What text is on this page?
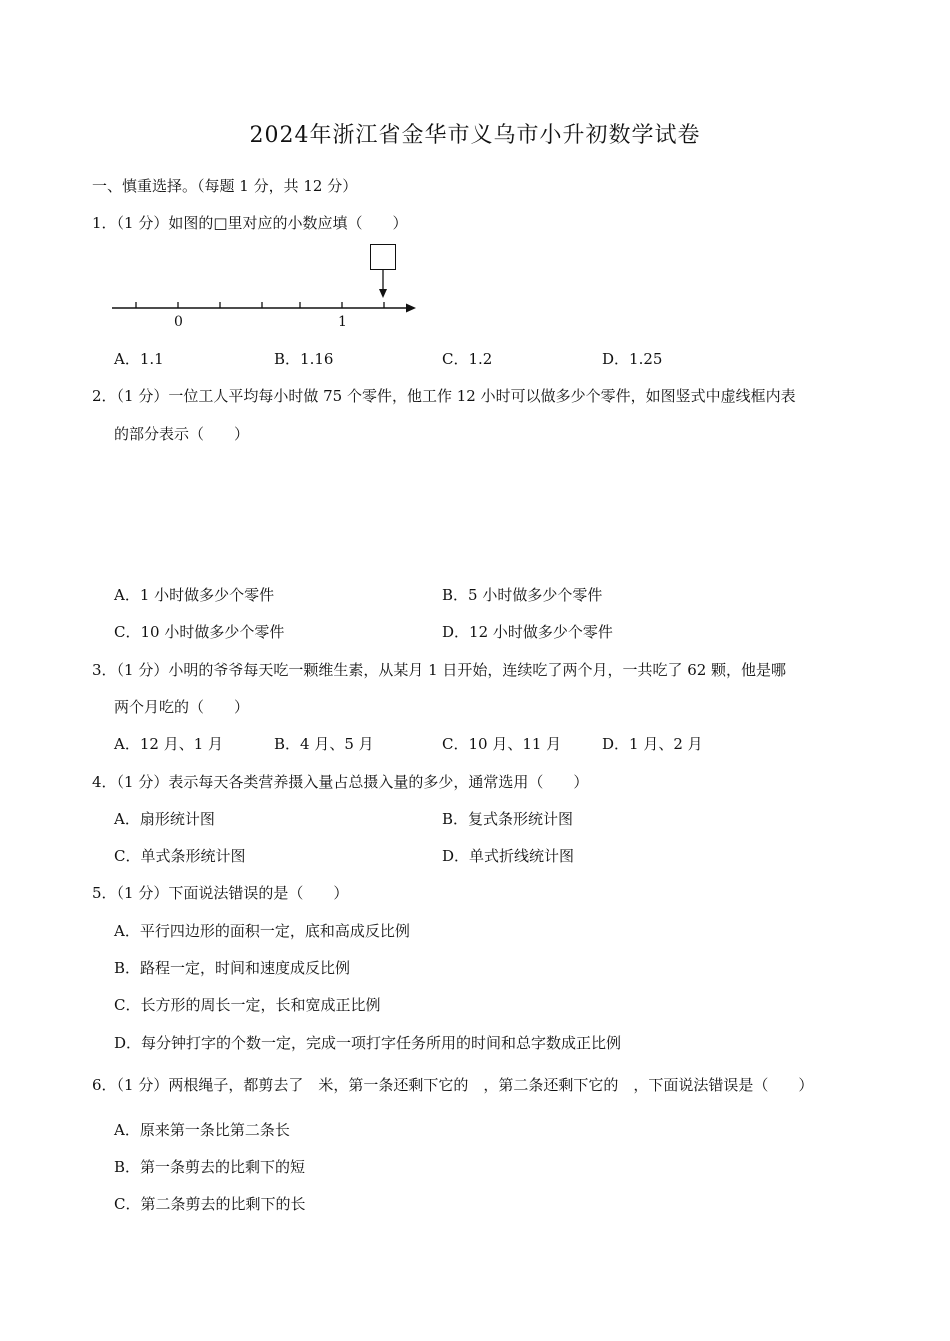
2024年浙江省金华市义乌市小升初数学试卷
一、慎重选择。（每题 1 分，共 12 分）
1．（1 分）如图的□里对应的小数应填（　　）
0	1
A．1.1	B．1.16	C．1.2	D．1.25
2．（1 分）一位工人平均每小时做 75 个零件，他工作 12 小时可以做多少个零件，如图竖式中虚线框内表
的部分表示（　　）
A．1 小时做多少个零件	B．5 小时做多少个零件
C．10 小时做多少个零件	D．12 小时做多少个零件
3．（1 分）小明的爷爷每天吃一颗维生素，从某月 1 日开始，连续吃了两个月，一共吃了 62 颗，他是哪
两个月吃的（　　）
A．12 月、1 月	B．4 月、5 月	C．10 月、11 月	D．1 月、2 月
4．（1 分）表示每天各类营养摄入量占总摄入量的多少，通常选用（　　）
A．扇形统计图	B．复式条形统计图
C．单式条形统计图	D．单式折线统计图
5．（1 分）下面说法错误的是（　　）
A．平行四边形的面积一定，底和高成反比例
B．路程一定，时间和速度成反比例
C．长方形的周长一定，长和宽成正比例
D．每分钟打字的个数一定，完成一项打字任务所用的时间和总字数成正比例
6．（1 分）两根绳子，都剪去了　米，第一条还剩下它的　，第二条还剩下它的　，下面说法错误是（　　）
A．原来第一条比第二条长
B．第一条剪去的比剩下的短
C．第二条剪去的比剩下的长
